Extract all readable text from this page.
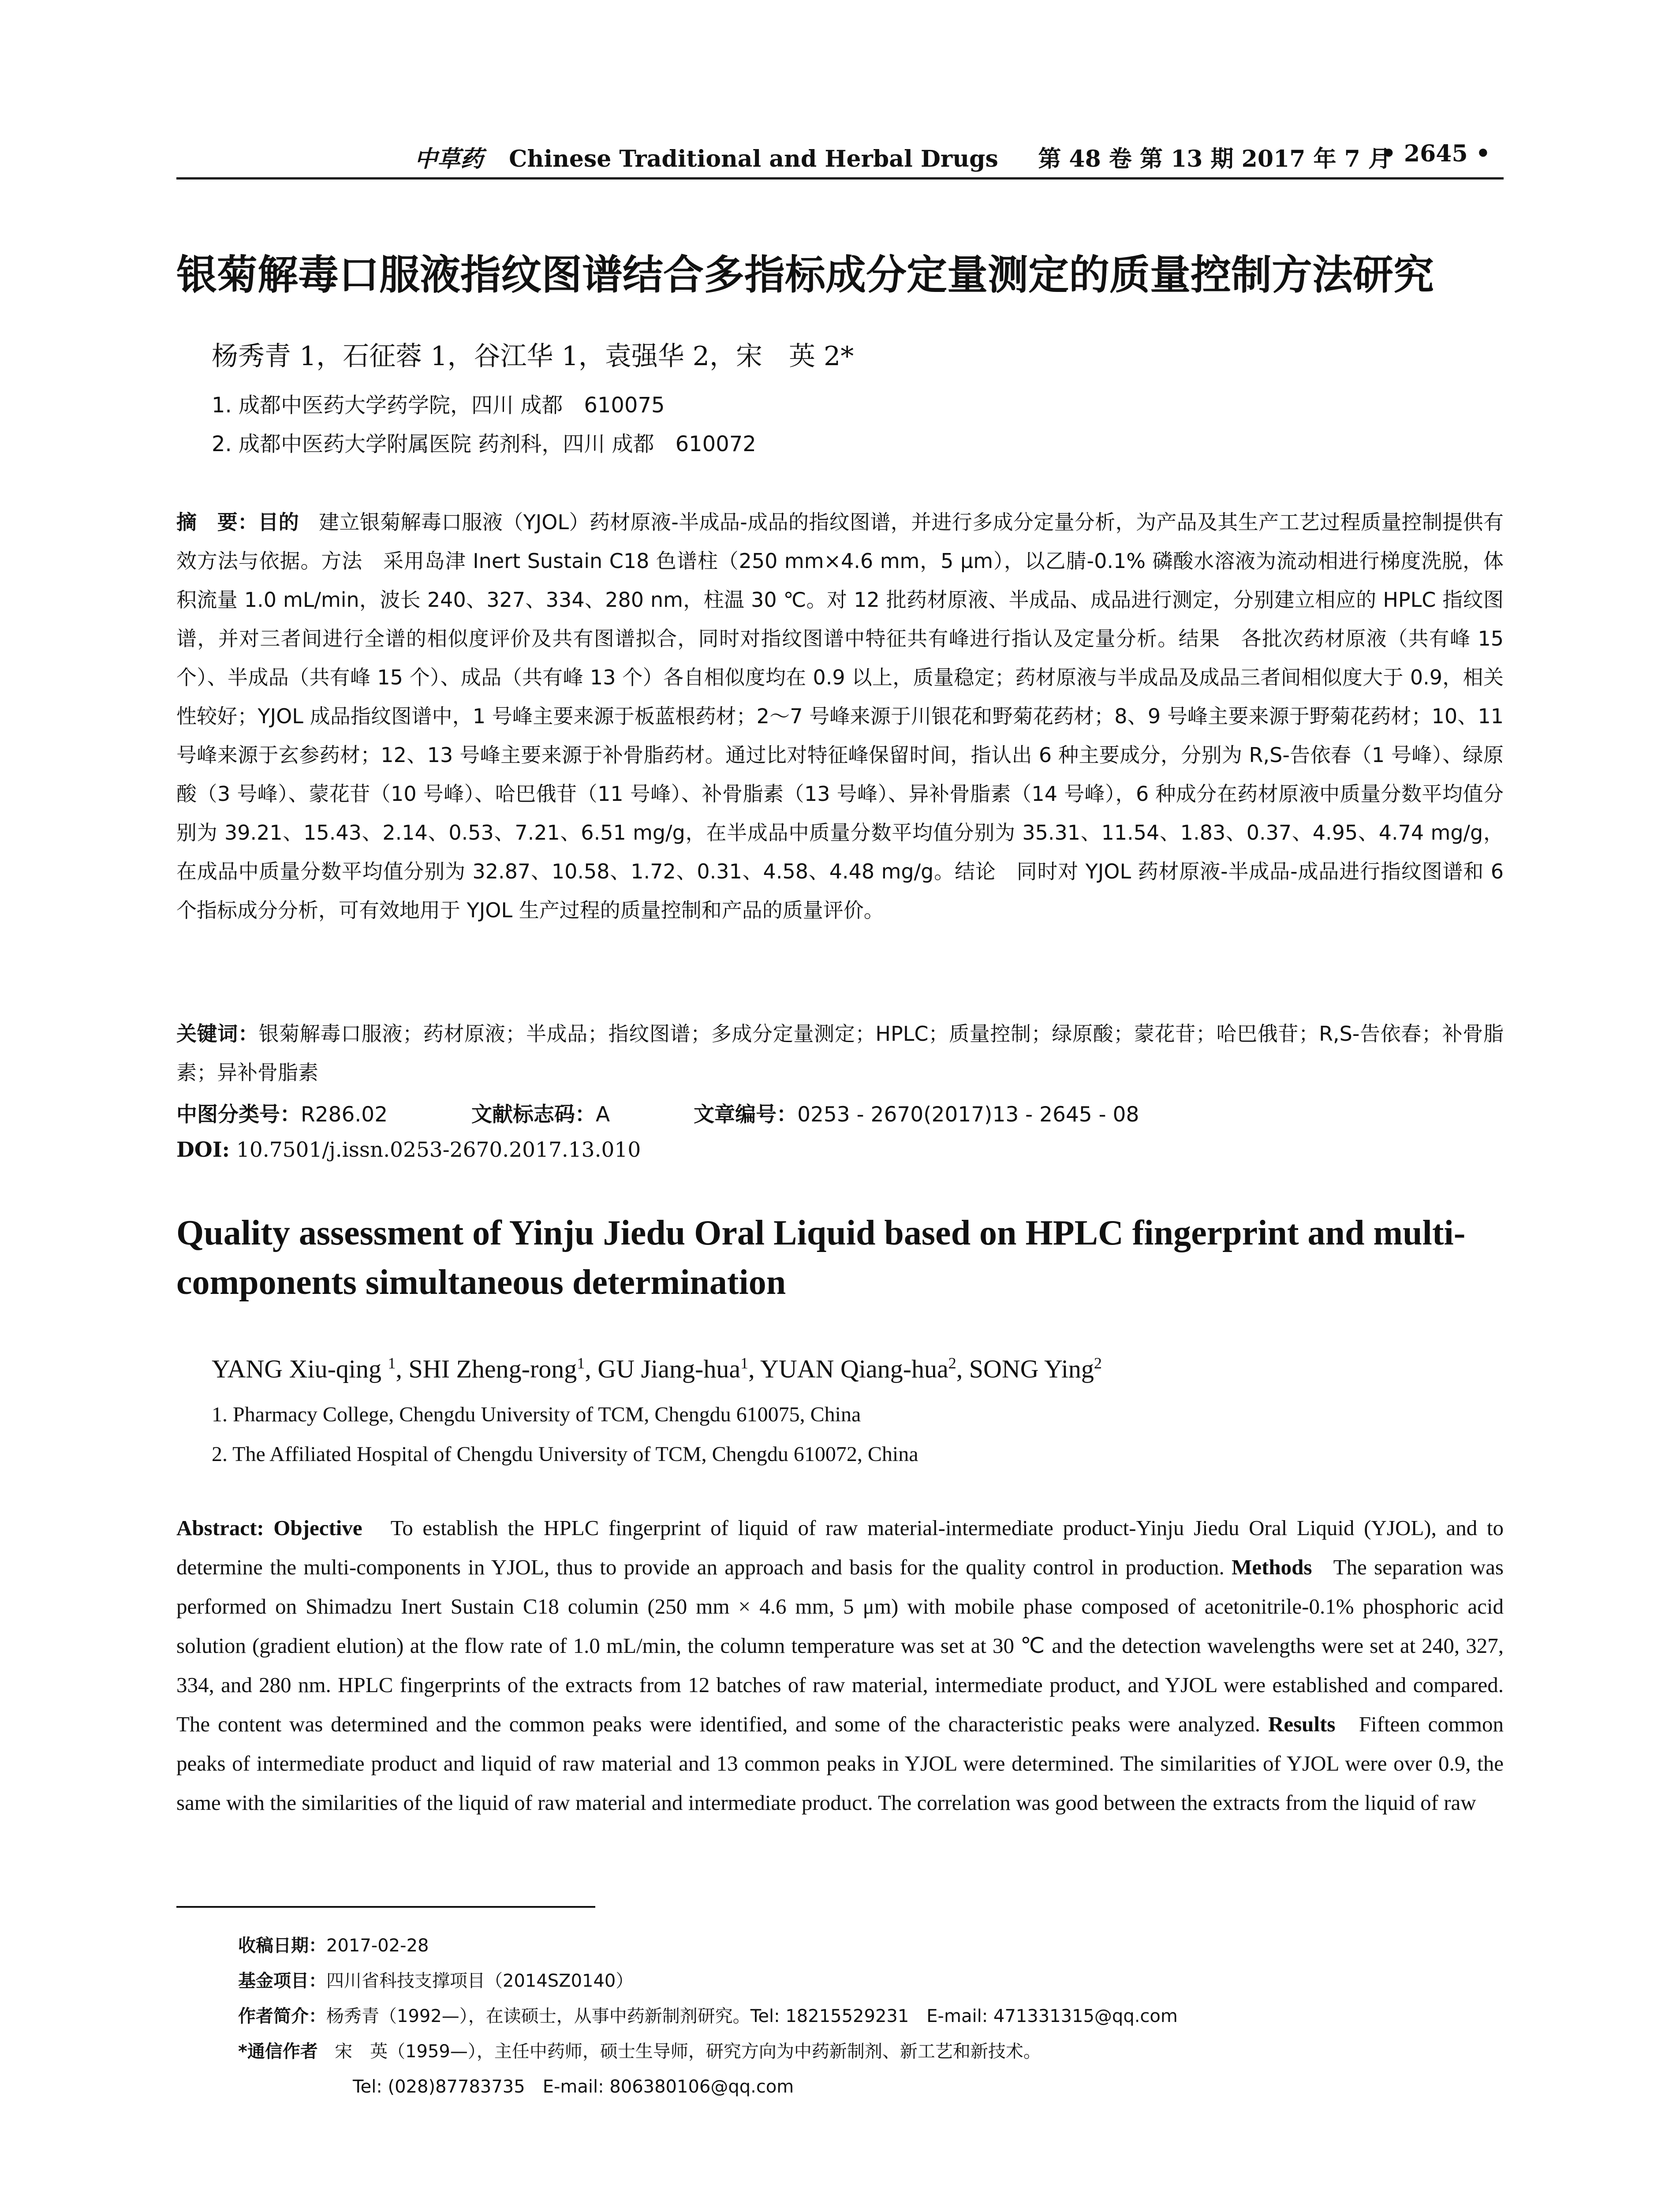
中草药 Chinese Traditional and Herbal Drugs 第 48 卷 第 13 期 2017 年 7 月
• 2645 •
银菊解毒口服液指纹图谱结合多指标成分定量测定的质量控制方法研究
杨秀青 1，石征蓉 1，谷江华 1，袁强华 2，宋　英 2*
1. 成都中医药大学药学院，四川 成都　610075
2. 成都中医药大学附属医院 药剂科，四川 成都　610072
摘　要：目的 建立银菊解毒口服液（YJOL）药材原液-半成品-成品的指纹图谱，并进行多成分定量分析，为产品及其生产工艺过程质量控制提供有效方法与依据。方法　采用岛津 Inert Sustain C18 色谱柱（250 mm×4.6 mm，5 μm），以乙腈-0.1% 磷酸水溶液为流动相进行梯度洗脱，体积流量 1.0 mL/min，波长 240、327、334、280 nm，柱温 30 ℃。对 12 批药材原液、半成品、成品进行测定，分别建立相应的 HPLC 指纹图谱，并对三者间进行全谱的相似度评价及共有图谱拟合，同时对指纹图谱中特征共有峰进行指认及定量分析。结果　各批次药材原液（共有峰 15 个）、半成品（共有峰 15 个）、成品（共有峰 13 个）各自相似度均在 0.9 以上，质量稳定；药材原液与半成品及成品三者间相似度大于 0.9，相关性较好；YJOL 成品指纹图谱中，1 号峰主要来源于板蓝根药材；2～7 号峰来源于川银花和野菊花药材；8、9 号峰主要来源于野菊花药材；10、11 号峰来源于玄参药材；12、13 号峰主要来源于补骨脂药材。通过比对特征峰保留时间，指认出 6 种主要成分，分别为 R,S-告依春（1 号峰）、绿原酸（3 号峰）、蒙花苷（10 号峰）、哈巴俄苷（11 号峰）、补骨脂素（13 号峰）、异补骨脂素（14 号峰），6 种成分在药材原液中质量分数平均值分别为 39.21、15.43、2.14、0.53、7.21、6.51 mg/g，在半成品中质量分数平均值分别为 35.31、11.54、1.83、0.37、4.95、4.74 mg/g，在成品中质量分数平均值分别为 32.87、10.58、1.72、0.31、4.58、4.48 mg/g。结论　同时对 YJOL 药材原液-半成品-成品进行指纹图谱和 6 个指标成分分析，可有效地用于 YJOL 生产过程的质量控制和产品的质量评价。
关键词：银菊解毒口服液；药材原液；半成品；指纹图谱；多成分定量测定；HPLC；质量控制；绿原酸；蒙花苷；哈巴俄苷；R,S-告依春；补骨脂素；异补骨脂素
中图分类号：R286.02	文献标志码：A	文章编号：0253 - 2670(2017)13 - 2645 - 08
DOI: 10.7501/j.issn.0253-2670.2017.13.010
Quality assessment of Yinju Jiedu Oral Liquid based on HPLC fingerprint and multi-components simultaneous determination
YANG Xiu-qing $^1$, SHI Zheng-rong$^1$, GU Jiang-hua$^1$, YUAN Qiang-hua$^2$, SONG Ying$^2$
1. Pharmacy College, Chengdu University of TCM, Chengdu 610075, China
2. The Affiliated Hospital of Chengdu University of TCM, Chengdu 610072, China
Abstract: Objective To establish the HPLC fingerprint of liquid of raw material-intermediate product-Yinju Jiedu Oral Liquid (YJOL), and to determine the multi-components in YJOL, thus to provide an approach and basis for the quality control in production. Methods The separation was performed on Shimadzu Inert Sustain C18 columin (250 mm × 4.6 mm, 5 μm) with mobile phase composed of acetonitrile-0.1% phosphoric acid solution (gradient elution) at the flow rate of 1.0 mL/min, the column temperature was set at 30 ℃ and the detection wavelengths were set at 240, 327, 334, and 280 nm. HPLC fingerprints of the extracts from 12 batches of raw material, intermediate product, and YJOL were established and compared. The content was determined and the common peaks were identified, and some of the characteristic peaks were analyzed. Results Fifteen common peaks of intermediate product and liquid of raw material and 13 common peaks in YJOL were determined. The similarities of YJOL were over 0.9, the same with the similarities of the liquid of raw material and intermediate product. The correlation was good between the extracts from the liquid of raw
收稿日期：2017-02-28
基金项目：四川省科技支撑项目（2014SZ0140）
作者简介：杨秀青（1992—），在读硕士，从事中药新制剂研究。Tel: 18215529231　E-mail: 471331315@qq.com
*通信作者 宋　英（1959—），主任中药师，硕士生导师，研究方向为中药新制剂、新工艺和新技术。
Tel: (028)87783735　E-mail: 806380106@qq.com
